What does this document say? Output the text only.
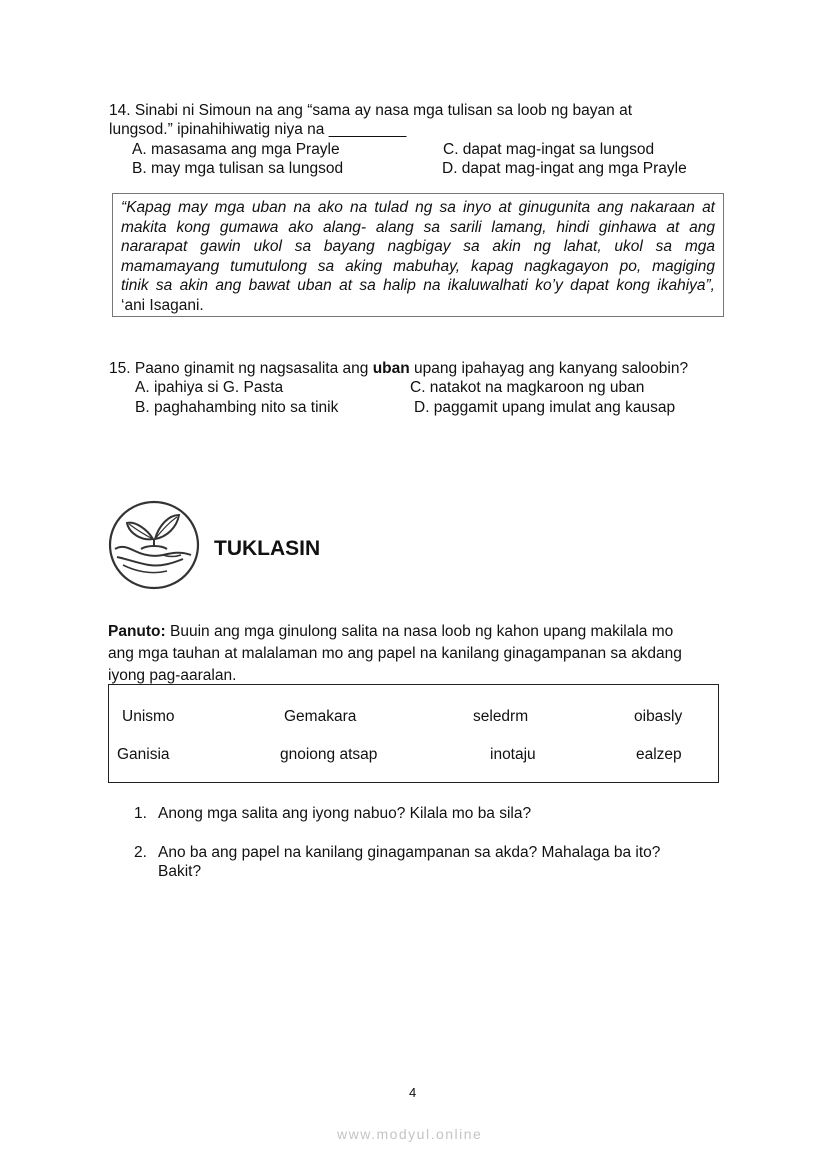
14. Sinabi ni Simoun na ang “sama ay nasa mga tulisan sa loob ng bayan at
lungsod.” ipinahihiwatig niya na _________
A. masasama ang mga Prayle	C. dapat mag-ingat sa lungsod
B. may mga tulisan sa lungsod	D. dapat mag-ingat ang mga Prayle
“Kapag may mga uban na ako na tulad ng sa inyo at ginugunita ang nakaraan at
makita kong gumawa ako alang- alang sa sarili lamang, hindi ginhawa at ang
nararapat gawin ukol sa bayang nagbigay sa akin ng lahat, ukol sa mga
mamamayang tumutulong sa aking mabuhay, kapag nagkagayon po, magiging
tinik sa akin ang bawat uban at sa halip na ikaluwalhati ko’y dapat kong ikahiya”,
‘ani Isagani.
15. Paano ginamit ng nagsasalita ang uban upang ipahayag ang kanyang saloobin?
A. ipahiya si G. Pasta	C. natakot na magkaroon ng uban
B. paghahambing nito sa tinik	D. paggamit upang imulat ang kausap
TUKLASIN
Panuto: Buuin ang mga ginulong salita na nasa loob ng kahon upang makilala mo
ang mga tauhan at malalaman mo ang papel na kanilang ginagampanan sa akdang
iyong pag-aaralan.
Unismo	Gemakara	seledrm	oibasly
Ganisia	gnoiong atsap	inotaju	ealzep
1. Anong mga salita ang iyong nabuo? Kilala mo ba sila?
2. Ano ba ang papel na kanilang ginagampanan sa akda? Mahalaga ba ito?
Bakit?
4
www.modyul.online
